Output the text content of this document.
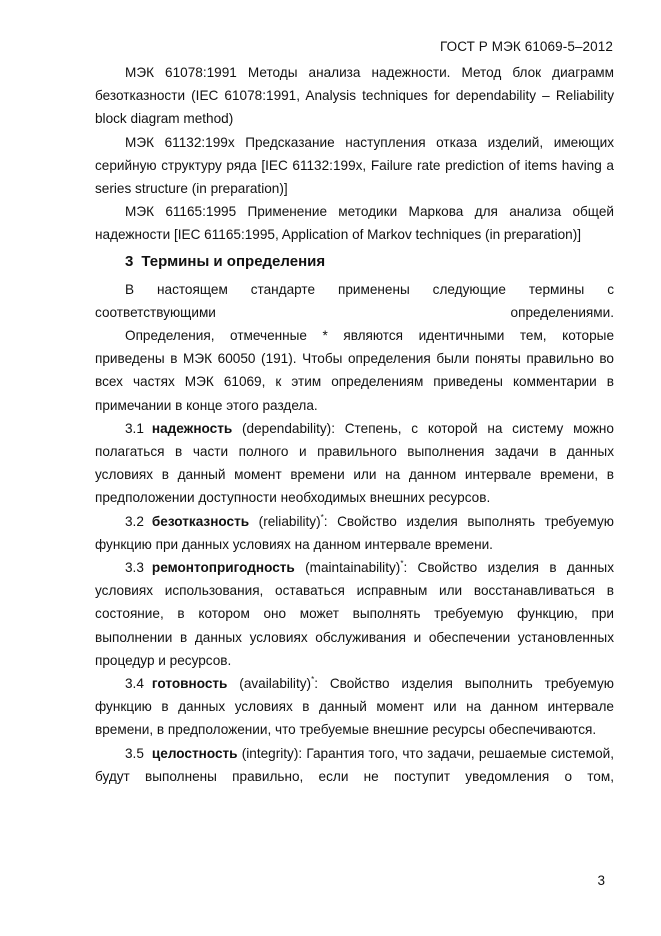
ГОСТ Р МЭК 61069-5–2012

МЭК 61078:1991 Методы анализа надежности. Метод блок диаграмм безотказности (IEC 61078:1991, Analysis techniques for dependability – Reliability block diagram method)

МЭК 61132:199x Предсказание наступления отказа изделий, имеющих серийную структуру ряда [IEC 61132:199x, Failure rate prediction of items having a series structure (in preparation)]

МЭК 61165:1995 Применение методики Маркова для анализа общей надежности [IEC 61165:1995, Application of Markov techniques (in preparation)]

3 Термины и определения

В настоящем стандарте применены следующие термины с соответствующими определениями.

Определения, отмеченные * являются идентичными тем, которые приведены в МЭК 60050 (191). Чтобы определения были поняты правильно во всех частях МЭК 61069, к этим определениям приведены комментарии в примечании в конце этого раздела.

3.1 надежность (dependability): Степень, с которой на систему можно полагаться в части полного и правильного выполнения задачи в данных условиях в данный момент времени или на данном интервале времени, в предположении доступности необходимых внешних ресурсов.

3.2 безотказность (reliability)*: Свойство изделия выполнять требуемую функцию при данных условиях на данном интервале времени.

3.3 ремонтопригодность (maintainability)*: Свойство изделия в данных условиях использования, оставаться исправным или восстанавливаться в состояние, в котором оно может выполнять требуемую функцию, при выполнении в данных условиях обслуживания и обеспечении установленных процедур и ресурсов.

3.4 готовность (availability)*: Свойство изделия выполнить требуемую функцию в данных условиях в данный момент или на данном интервале времени, в предположении, что требуемые внешние ресурсы обеспечиваются.

3.5 целостность (integrity): Гарантия того, что задачи, решаемые системой, будут выполнены правильно, если не поступит уведомления о том,

3
